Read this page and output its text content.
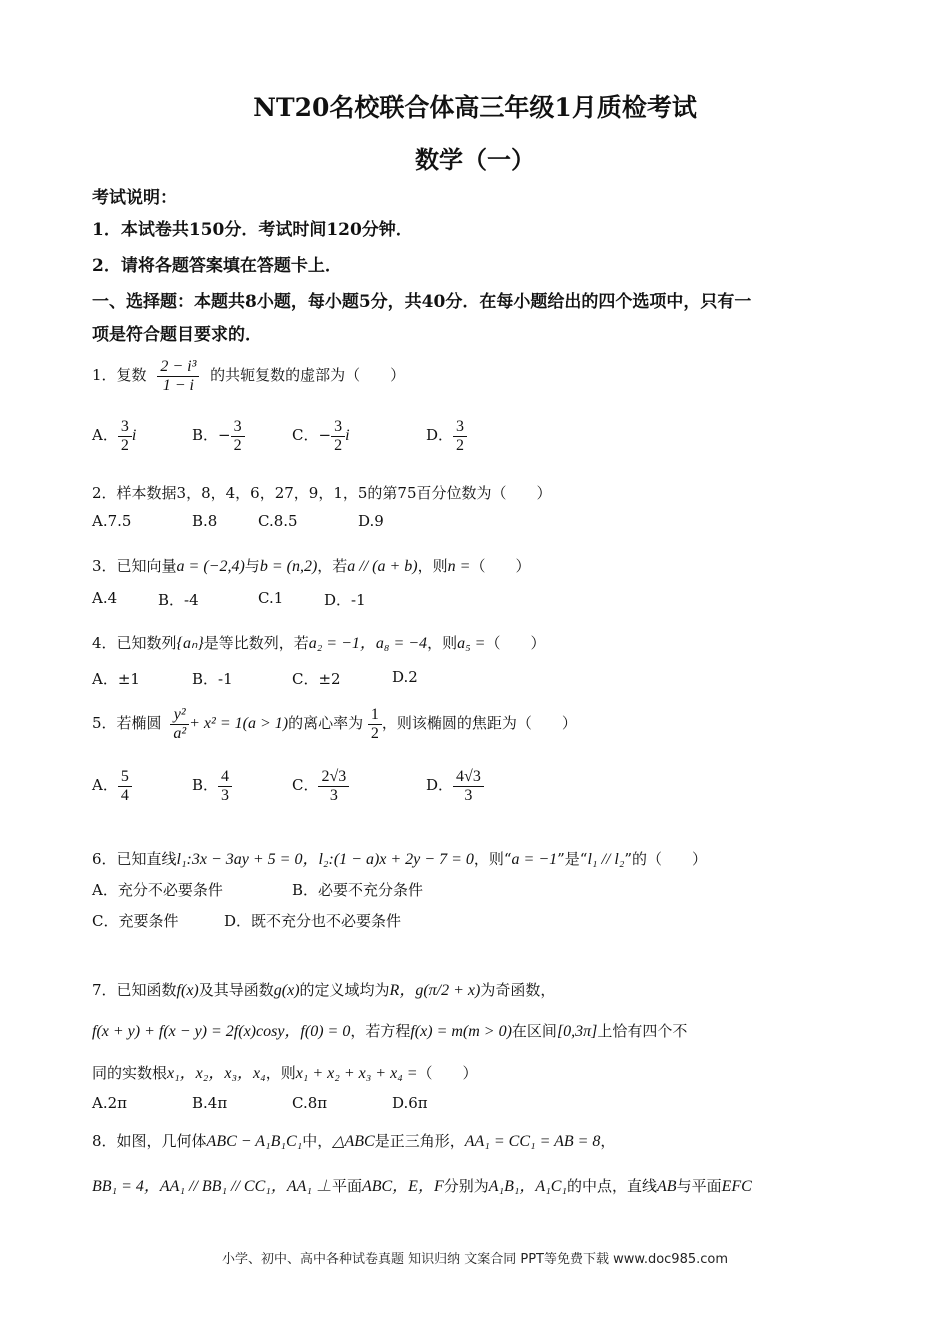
NT20名校联合体高三年级1月质检考试
数学（一）
考试说明：
1．本试卷共150分．考试时间120分钟．
2．请将各题答案填在答题卡上．
一、选择题：本题共8小题，每小题5分，共40分．在每小题给出的四个选项中，只有一
项是符合题目要求的．
1．复数 $\frac{\text{2 − i³}}{1 - i}$ 的共轭复数的虚部为（　　）
A． $\frac{3}{2}$ i	B．− $\frac{3}{2}$	C．− $\frac{3}{2}$ i	D． $\frac{3}{2}$
2．样本数据3，8，4，6，27，9，1，5的第75百分位数为（　　）
A.7.5	B.8	C.8.5	D.9
3．已知向量a = (−2,4)与b = (n,2)，若a // (a + b)，则n =（　　）
A.4	B．-4	C.1	D．-1
4．已知数列{aₙ}是等比数列，若a₂ = −1，a₈ = −4，则a₅ =（　　）
A．±1	B．-1	C．±2	D.2
5．若椭圆 $\frac{\text{y²}}{\text{a²}} + x^2 = 1(a > 1)$的离心率为 $\frac{1}{2}$ ，则该椭圆的焦距为（　　）
A． $\frac{5}{4}$	B． $\frac{4}{3}$	C． $\frac{2√3}{3}$	D． $\frac{4√3}{3}$
6．已知直线l₁:3x − 3ay + 5 = 0，l₂:(1 − a)x + 2y − 7 = 0，则“a = −1”是“l₁ // l₂”的（　　）
A．充分不必要条件	B．必要不充分条件
C．充要条件	D．既不充分也不必要条件
7．已知函数f(x)及其导函数g(x)的定义域均为R，g(π/2 + x)为奇函数，
f(x + y) + f(x − y) = 2f(x)cosy，f(0) = 0，若方程f(x) = m(m > 0)在区间[0,3π]上恰有四个不
同的实数根x₁，x₂，x₃，x₄，则x₁ + x₂ + x₃ + x₄ =（　　）
A.2π	B.4π	C.8π	D.6π
8．如图，几何体ABC − A₁B₁C₁中，△ABC是正三角形，AA₁ = CC₁ = AB = 8，
BB₁ = 4，AA₁ // BB₁ // CC₁，AA₁ ⊥平面ABC，E，F分别为A₁B₁，A₁C₁的中点，直线AB与平面EFC
小学、初中、高中各种试卷真题 知识归纳 文案合同 PPT等免费下载 www.doc985.com
